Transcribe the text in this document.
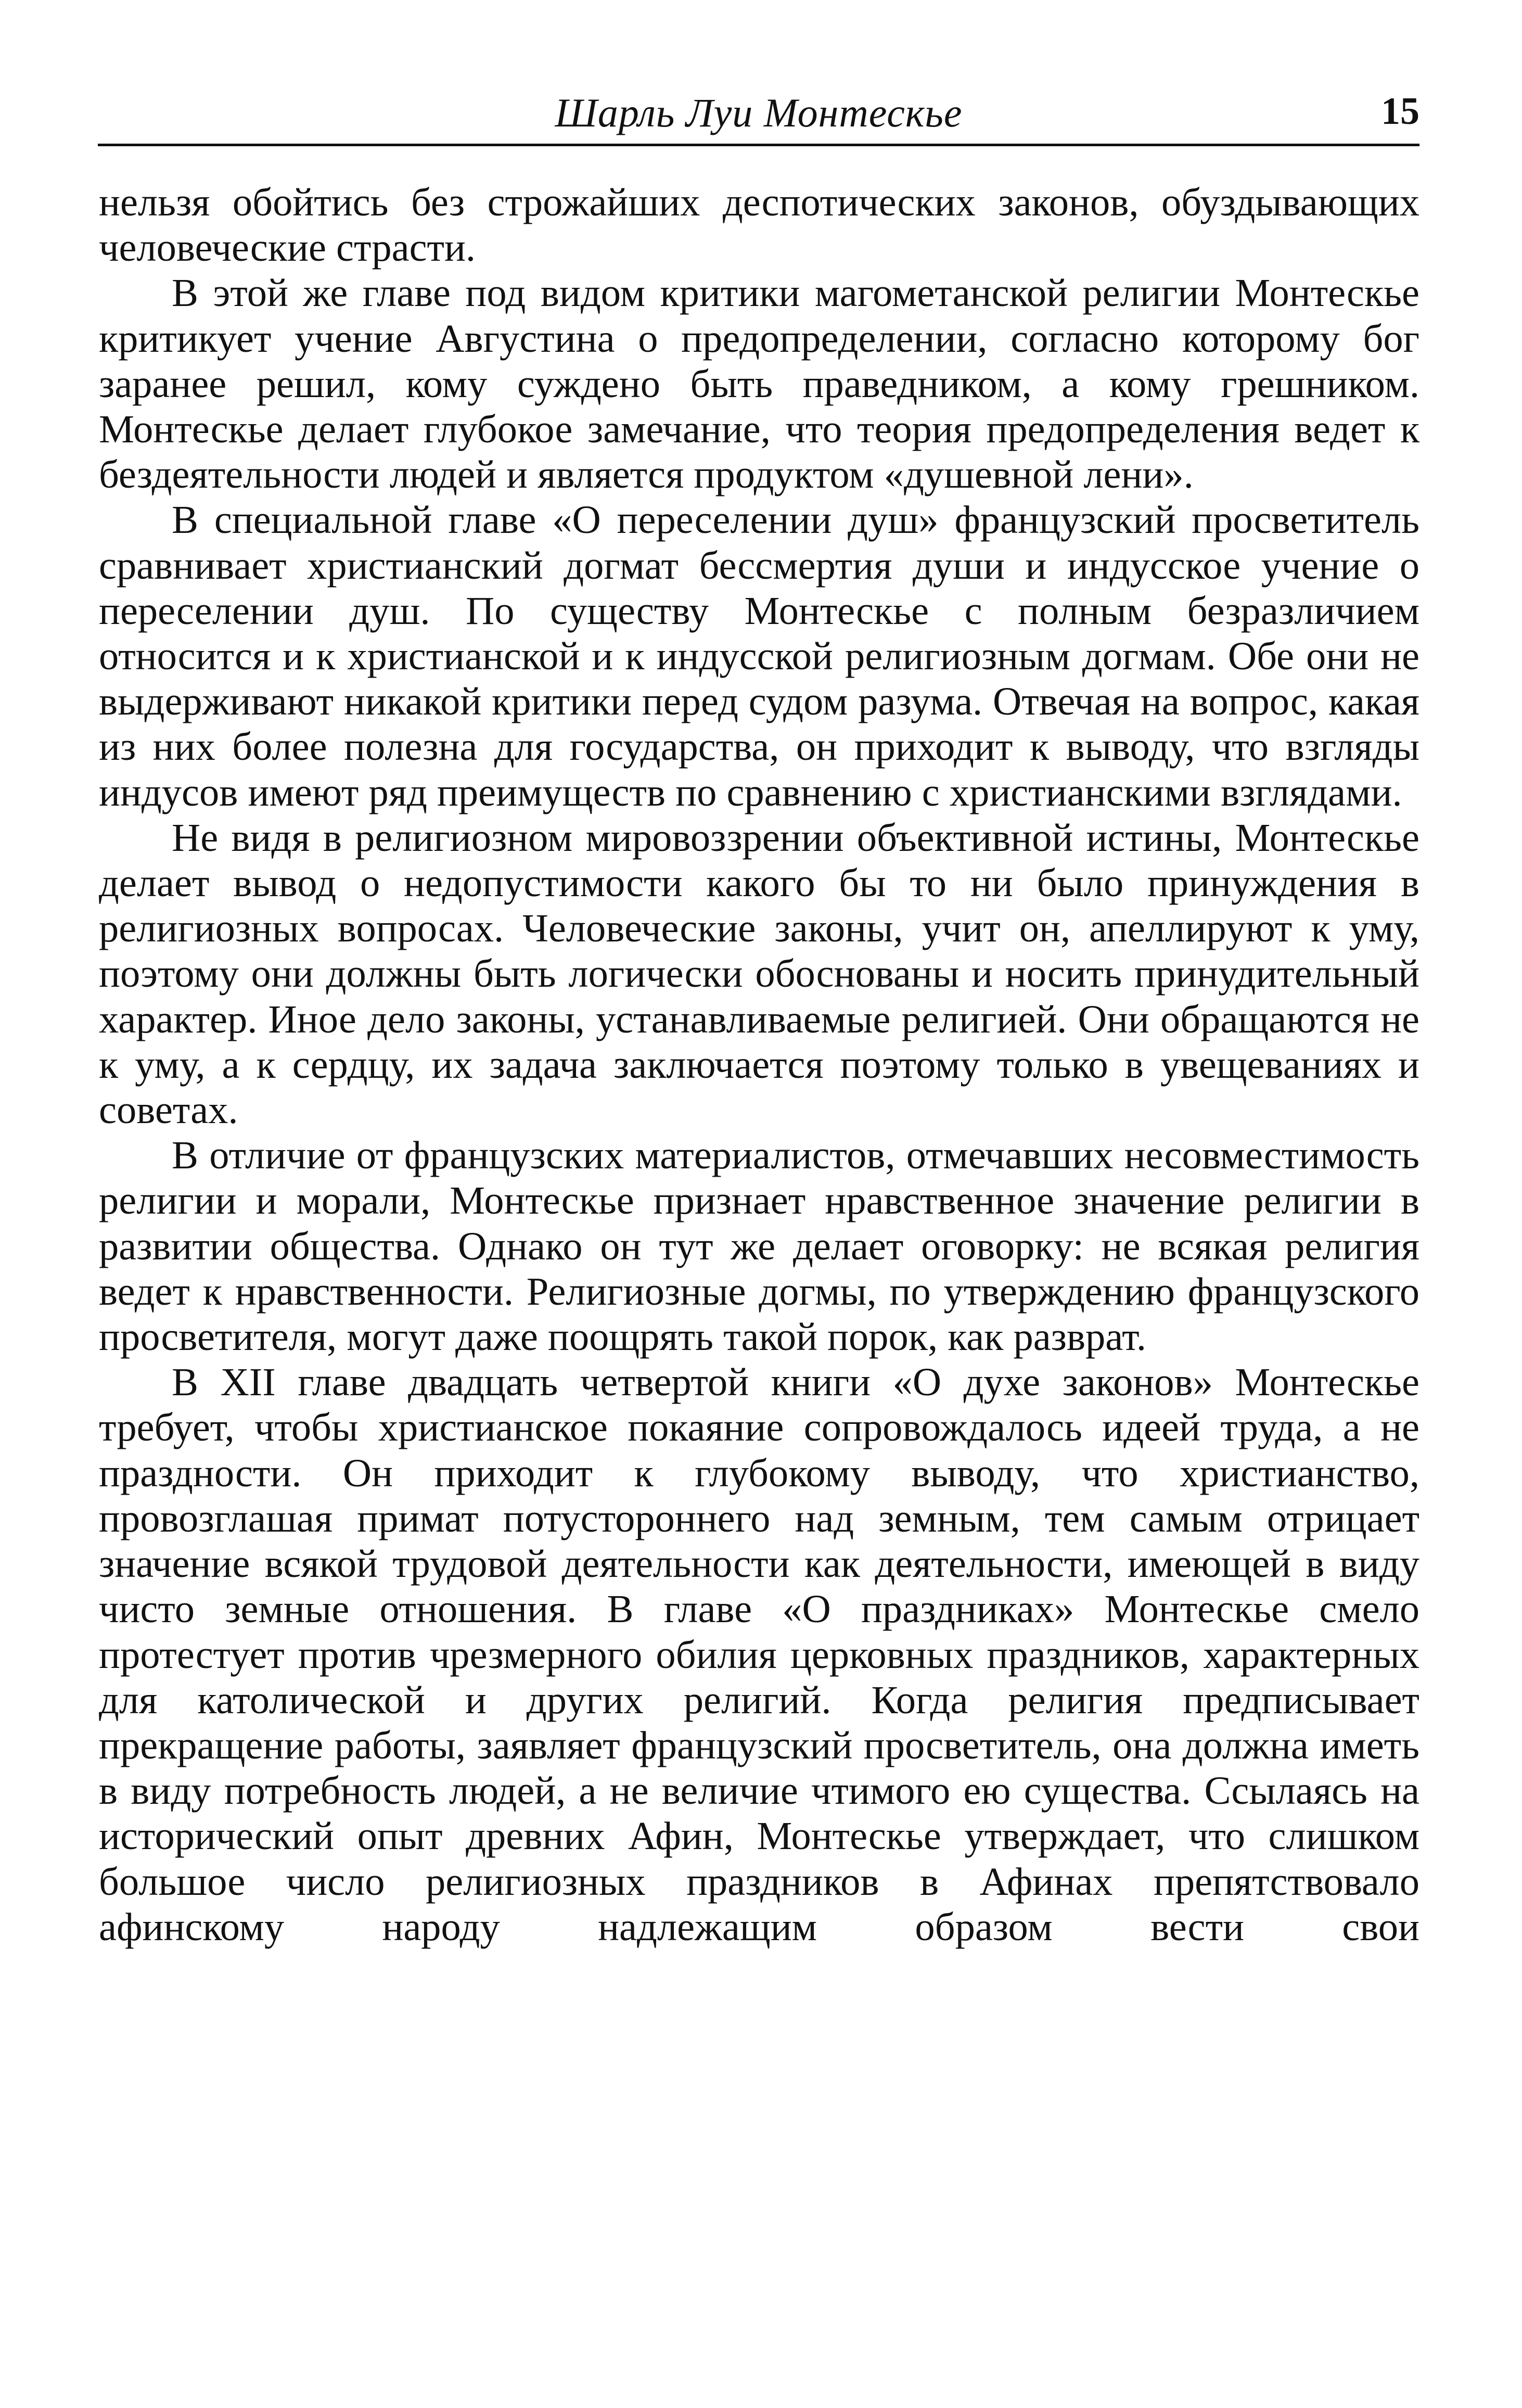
Шарль Луи Монтескье	15

нельзя обойтись без строжайших деспотических законов, обуздывающих человеческие страсти.

В этой же главе под видом критики магометанской религии Монтескье критикует учение Августина о предопределении, согласно которому бог заранее решил, кому суждено быть праведником, а кому грешником. Монтескье делает глубокое замечание, что теория предопределения ведет к бездеятельности людей и является продуктом «душевной лени».

В специальной главе «О переселении душ» французский просветитель сравнивает христианский догмат бессмертия души и индусское учение о переселении душ. По существу Монтескье с полным безразличием относится и к христианской и к индусской религиозным догмам. Обе они не выдерживают никакой критики перед судом разума. Отвечая на вопрос, какая из них более полезна для государства, он приходит к выводу, что взгляды индусов имеют ряд преимуществ по сравнению с христианскими взглядами.

Не видя в религиозном мировоззрении объективной истины, Монтескье делает вывод о недопустимости какого бы то ни было принуждения в религиозных вопросах. Человеческие законы, учит он, апеллируют к уму, поэтому они должны быть логически обоснованы и носить принудительный характер. Иное дело законы, устанавливаемые религией. Они обращаются не к уму, а к сердцу, их задача заключается поэтому только в увещеваниях и советах.

В отличие от французских материалистов, отмечавших несовместимость религии и морали, Монтескье признает нравственное значение религии в развитии общества. Однако он тут же делает оговорку: не всякая религия ведет к нравственности. Религиозные догмы, по утверждению французского просветителя, могут даже поощрять такой порок, как разврат.

В XII главе двадцать четвертой книги «О духе законов» Монтескье требует, чтобы христианское покаяние сопровождалось идеей труда, а не праздности. Он приходит к глубокому выводу, что христианство, провозглашая примат потустороннего над земным, тем самым отрицает значение всякой трудовой деятельности как деятельности, имеющей в виду чисто земные отношения. В главе «О праздниках» Монтескье смело протестует против чрезмерного обилия церковных праздников, характерных для католической и других религий. Когда религия предписывает прекращение работы, заявляет французский просветитель, она должна иметь в виду потребность людей, а не величие чтимого ею существа. Ссылаясь на исторический опыт древних Афин, Монтескье утверждает, что слишком большое число религиозных праздников в Афинах препятствовало афинскому народу надлежащим образом вести свои
